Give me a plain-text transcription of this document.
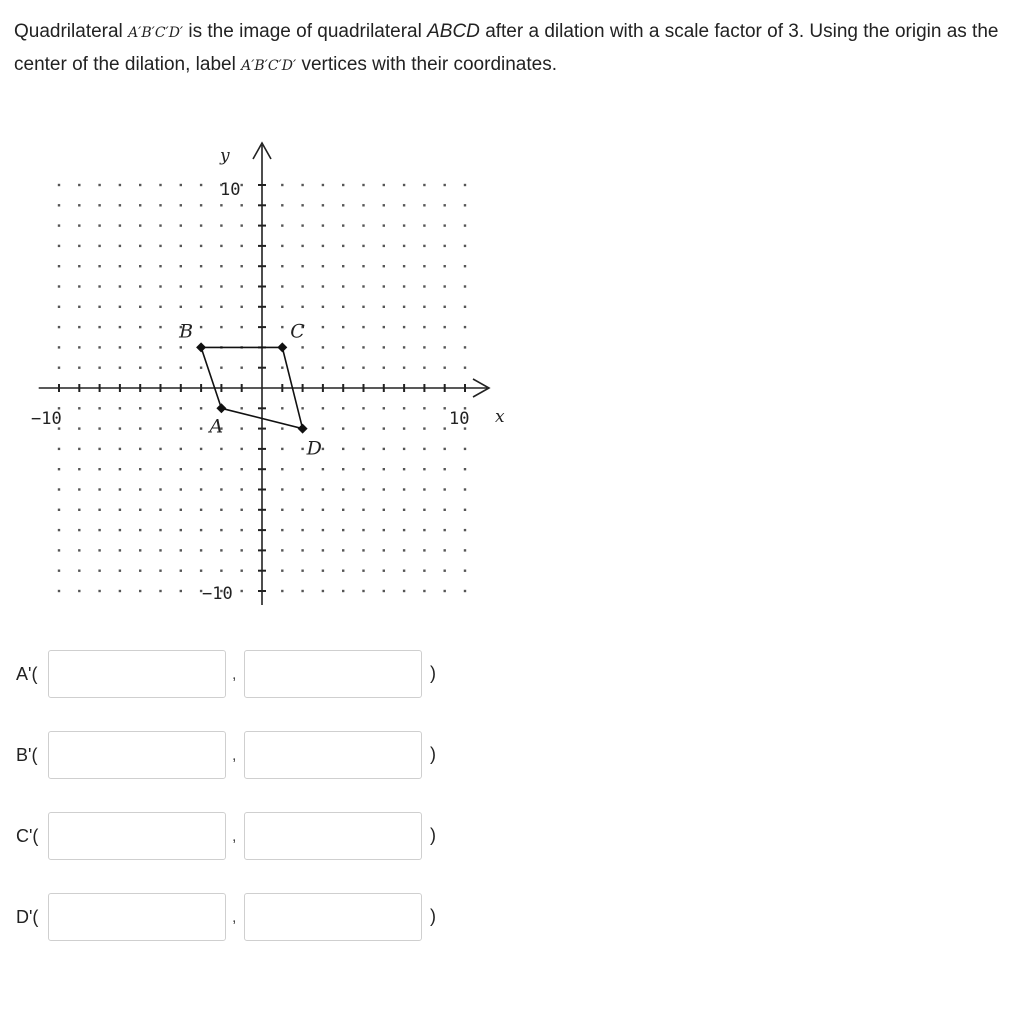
Quadrilateral A′B′C′D′ is the image of quadrilateral ABCD after a dilation with a scale factor of 3. Using the origin as the center of the dilation, label A′B′C′D′ vertices with their coordinates.
x
y
−10	10
10
−10
A
B	C
D
A'(	,	)
B'(	,	)
C'(	,	)
D'(	,	)
